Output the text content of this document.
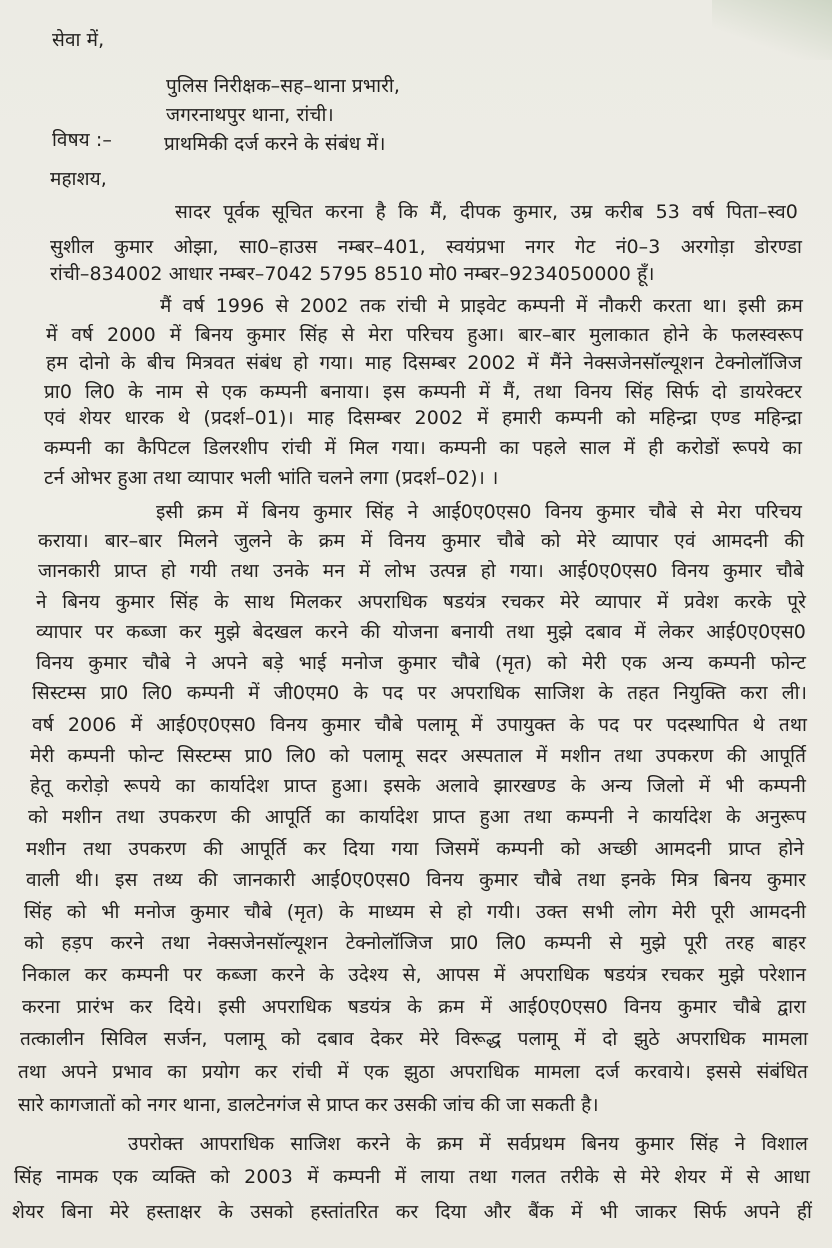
सेवा में,
पुलिस निरीक्षक–सह–थाना प्रभारी,
जगरनाथपुर थाना, रांची।
विषय :–	प्राथमिकी दर्ज करने के संबंध में।
महाशय,
सादर पूर्वक सूचित करना है कि मैं, दीपक कुमार, उम्र करीब 53 वर्ष पिता–स्व0
सुशील कुमार ओझा, सा0–हाउस नम्बर–401, स्वयंप्रभा नगर गेट नं0–3 अरगोड़ा डोरण्डा
रांची–834002 आधार नम्बर–7042 5795 8510 मो0 नम्बर–9234050000 हूँ।
मैं वर्ष 1996 से 2002 तक रांची मे प्राइवेट कम्पनी में नौकरी करता था। इसी क्रम
में वर्ष 2000 में बिनय कुमार सिंह से मेरा परिचय हुआ। बार–बार मुलाकात होने के फलस्वरूप
हम दोनो के बीच मित्रवत संबंध हो गया। माह दिसम्बर 2002 में मैंने नेक्सजेनसॉल्यूशन टेक्नोलॉजिज
प्रा0 लि0 के नाम से एक कम्पनी बनाया। इस कम्पनी में मैं, तथा विनय सिंह सिर्फ दो डायरेक्टर
एवं शेयर धारक थे (प्रदर्श–01)। माह दिसम्बर 2002 में हमारी कम्पनी को महिन्द्रा एण्ड महिन्द्रा
कम्पनी का कैपिटल डिलरशीप रांची में मिल गया। कम्पनी का पहले साल में ही करोडों रूपये का
टर्न ओभर हुआ तथा व्यापार भली भांति चलने लगा (प्रदर्श–02)। ।
इसी क्रम में बिनय कुमार सिंह ने आई0ए0एस0 विनय कुमार चौबे से मेरा परिचय
कराया। बार–बार मिलने जुलने के क्रम में विनय कुमार चौबे को मेरे व्यापार एवं आमदनी की
जानकारी प्राप्त हो गयी तथा उनके मन में लोभ उत्पन्न हो गया। आई0ए0एस0 विनय कुमार चौबे
ने बिनय कुमार सिंह के साथ मिलकर अपराधिक षडयंत्र रचकर मेरे व्यापार में प्रवेश करके पूरे
व्यापार पर कब्जा कर मुझे बेदखल करने की योजना बनायी तथा मुझे दबाव में लेकर आई0ए0एस0
विनय कुमार चौबे ने अपने बड़े भाई मनोज कुमार चौबे (मृत) को मेरी एक अन्य कम्पनी फोन्ट
सिस्टम्स प्रा0 लि0 कम्पनी में जी0एम0 के पद पर अपराधिक साजिश के तहत नियुक्ति करा ली।
वर्ष 2006 में आई0ए0एस0 विनय कुमार चौबे पलामू में उपायुक्त के पद पर पदस्थापित थे तथा
मेरी कम्पनी फोन्ट सिस्टम्स प्रा0 लि0 को पलामू सदर अस्पताल में मशीन तथा उपकरण की आपूर्ति
हेतू करोड़ो रूपये का कार्यादेश प्राप्त हुआ। इसके अलावे झारखण्ड के अन्य जिलो में भी कम्पनी
को मशीन तथा उपकरण की आपूर्ति का कार्यादेश प्राप्त हुआ तथा कम्पनी ने कार्यादेश के अनुरूप
मशीन तथा उपकरण की आपूर्ति कर दिया गया जिसमें कम्पनी को अच्छी आमदनी प्राप्त होने
वाली थी। इस तथ्य की जानकारी आई0ए0एस0 विनय कुमार चौबे तथा इनके मित्र बिनय कुमार
सिंह को भी मनोज कुमार चौबे (मृत) के माध्यम से हो गयी। उक्त सभी लोग मेरी पूरी आमदनी
को हड़प करने तथा नेक्सजेनसॉल्यूशन टेक्नोलॉजिज प्रा0 लि0 कम्पनी से मुझे पूरी तरह बाहर
निकाल कर कम्पनी पर कब्जा करने के उदेश्य से, आपस में अपराधिक षडयंत्र रचकर मुझे परेशान
करना प्रारंभ कर दिये। इसी अपराधिक षडयंत्र के क्रम में आई0ए0एस0 विनय कुमार चौबे द्वारा
तत्कालीन सिविल सर्जन, पलामू को दबाव देकर मेरे विरूद्ध पलामू में दो झुठे अपराधिक मामला
तथा अपने प्रभाव का प्रयोग कर रांची में एक झुठा अपराधिक मामला दर्ज करवाये। इससे संबंधित
सारे कागजातों को नगर थाना, डालटेनगंज से प्राप्त कर उसकी जांच की जा सकती है।
उपरोक्त आपराधिक साजिश करने के क्रम में सर्वप्रथम बिनय कुमार सिंह ने विशाल
सिंह नामक एक व्यक्ति को 2003 में कम्पनी में लाया तथा गलत तरीके से मेरे शेयर में से आधा
शेयर बिना मेरे हस्ताक्षर के उसको हस्तांतरित कर दिया और बैंक में भी जाकर सिर्फ अपने हीं
